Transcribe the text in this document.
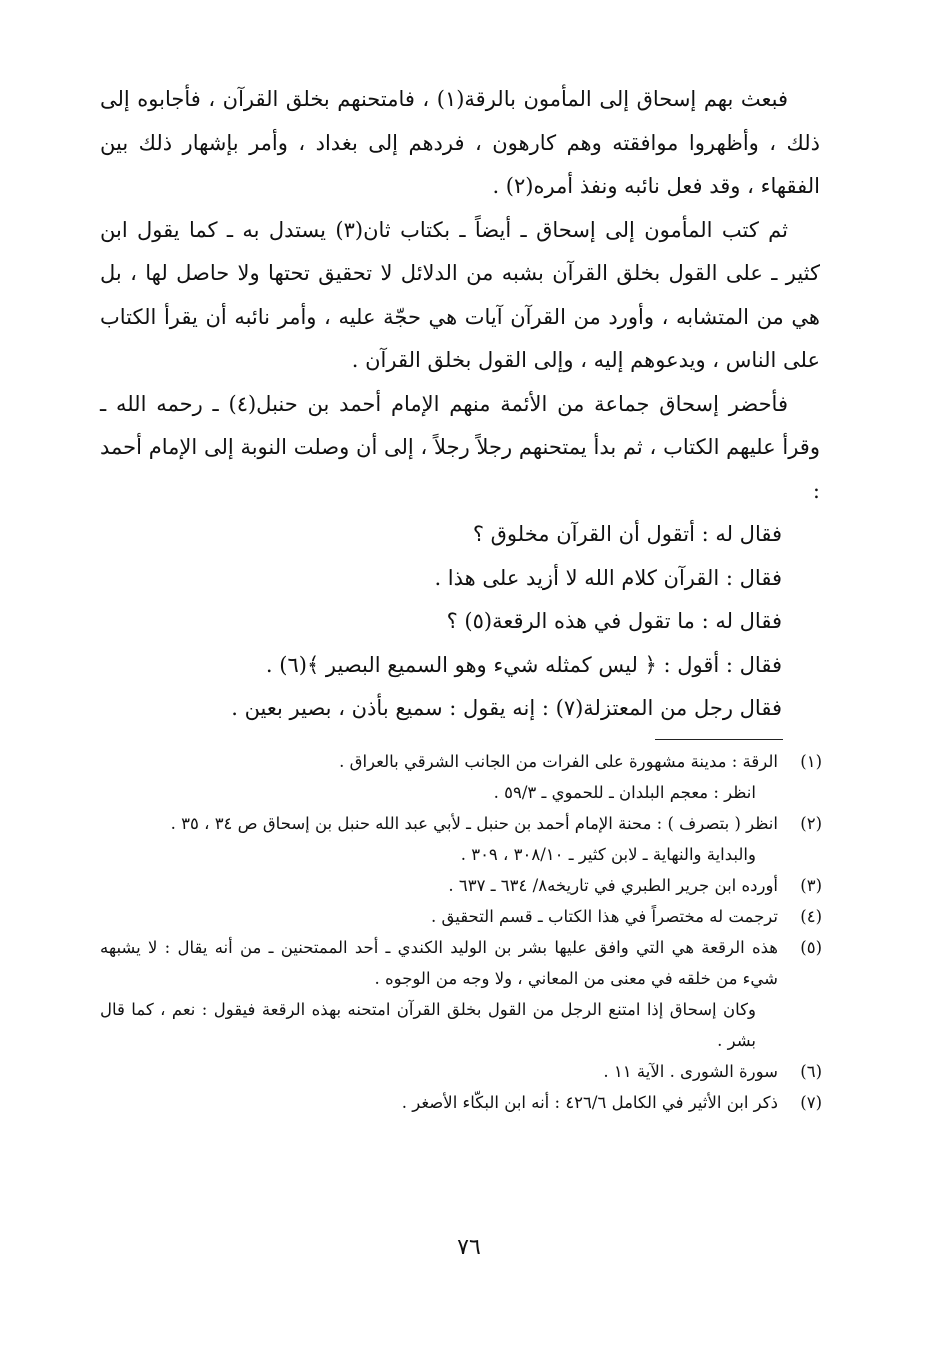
فبعث بهم إسحاق إلى المأمون بالرقة(١) ، فامتحنهم بخلق القرآن ، فأجابوه إلى ذلك ، وأظهروا موافقته وهم كارهون ، فردهم إلى بغداد ، وأمر بإشهار ذلك بين الفقهاء ، وقد فعل نائبه ونفذ أمره(٢) .

ثم كتب المأمون إلى إسحاق ـ أيضاً ـ بكتاب ثان(٣) يستدل به ـ كما يقول ابن كثير ـ على القول بخلق القرآن بشبه من الدلائل لا تحقيق تحتها ولا حاصل لها ، بل هي من المتشابه ، وأورد من القرآن آيات هي حجّة عليه ، وأمر نائبه أن يقرأ الكتاب على الناس ، ويدعوهم إليه ، وإلى القول بخلق القرآن .

فأحضر إسحاق جماعة من الأئمة منهم الإمام أحمد بن حنبل(٤) ـ رحمه الله ـ وقرأ عليهم الكتاب ، ثم بدأ يمتحنهم رجلاً رجلاً ، إلى أن وصلت النوبة إلى الإمام أحمد :

فقال له : أتقول أن القرآن مخلوق ؟

فقال : القرآن كلام الله لا أزيد على هذا .

فقال له : ما تقول في هذه الرقعة(٥) ؟

فقال : أقول : ﴿ ليس كمثله شيء وهو السميع البصير ﴾(٦) .

فقال رجل من المعتزلة(٧) : إنه يقول : سميع بأذن ، بصير بعين .

(١)
الرقة : مدينة مشهورة على الفرات من الجانب الشرقي بالعراق .
انظر : معجم البلدان ـ للحموي ـ ٥٩/٣ .
(٢)
انظر ( بتصرف ) : محنة الإمام أحمد بن حنبل ـ لأبي عبد الله حنبل بن إسحاق ص ٣٤ ، ٣٥ .
والبداية والنهاية ـ لابن كثير ـ ٣٠٨/١٠ ، ٣٠٩ .
(٣)
أورده ابن جرير الطبري في تاريخه٨/ ٦٣٤ ـ ٦٣٧ .
(٤)
ترجمت له مختصراً في هذا الكتاب ـ قسم التحقيق .
(٥)
هذه الرقعة هي التي وافق عليها بشر بن الوليد الكندي ـ أحد الممتحنين ـ من أنه يقال : لا يشبهه شيء من خلقه في معنى من المعاني ، ولا وجه من الوجوه .
وكان إسحاق إذا امتنع الرجل من القول بخلق القرآن امتحنه بهذه الرقعة فيقول : نعم ، كما قال بشر .
(٦)
سورة الشورى . الآية ١١ .
(٧)
ذكر ابن الأثير في الكامل ٤٢٦/٦ : أنه ابن البكّاء الأصغر .
٧٦
